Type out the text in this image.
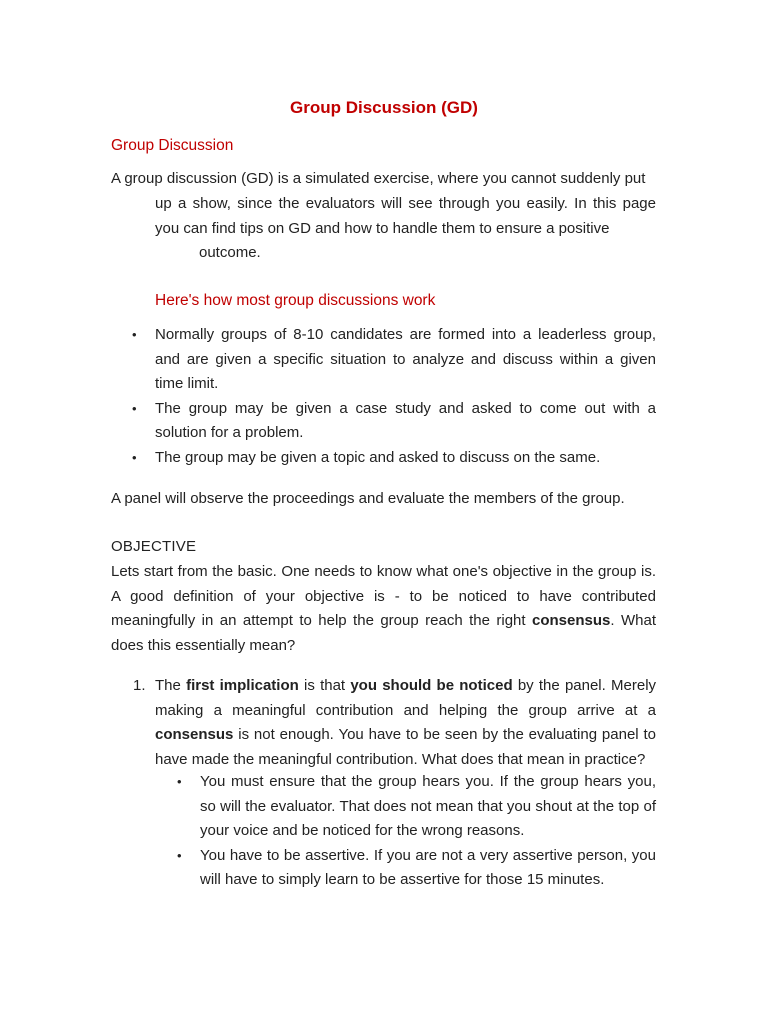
Group Discussion (GD)
Group Discussion

A group discussion (GD) is a simulated exercise, where you cannot suddenly put

up a show, since the evaluators will see through you easily. In this page you can find tips on GD and how to handle them to ensure a positive

outcome.

Here's how most group discussions work
• Normally groups of 8-10 candidates are formed into a leaderless group, and are given a specific situation to analyze and discuss within a given time limit.
• The group may be given a case study and asked to come out with a solution for a problem.
• The group may be given a topic and asked to discuss on the same.

A panel will observe the proceedings and evaluate the members of the group.

OBJECTIVE

Lets start from the basic. One needs to know what one's objective in the group is. A good definition of your objective is - to be noticed to have contributed meaningfully in an attempt to help the group reach the right consensus. What does this essentially mean?

1. The first implication is that you should be noticed by the panel. Merely making a meaningful contribution and helping the group arrive at a consensus is not enough. You have to be seen by the evaluating panel to have made the meaningful contribution. What does that mean in practice?

• You must ensure that the group hears you. If the group hears you, so will the evaluator. That does not mean that you shout at the top of your voice and be noticed for the wrong reasons.
• You have to be assertive. If you are not a very assertive person, you will have to simply learn to be assertive for those 15 minutes.
